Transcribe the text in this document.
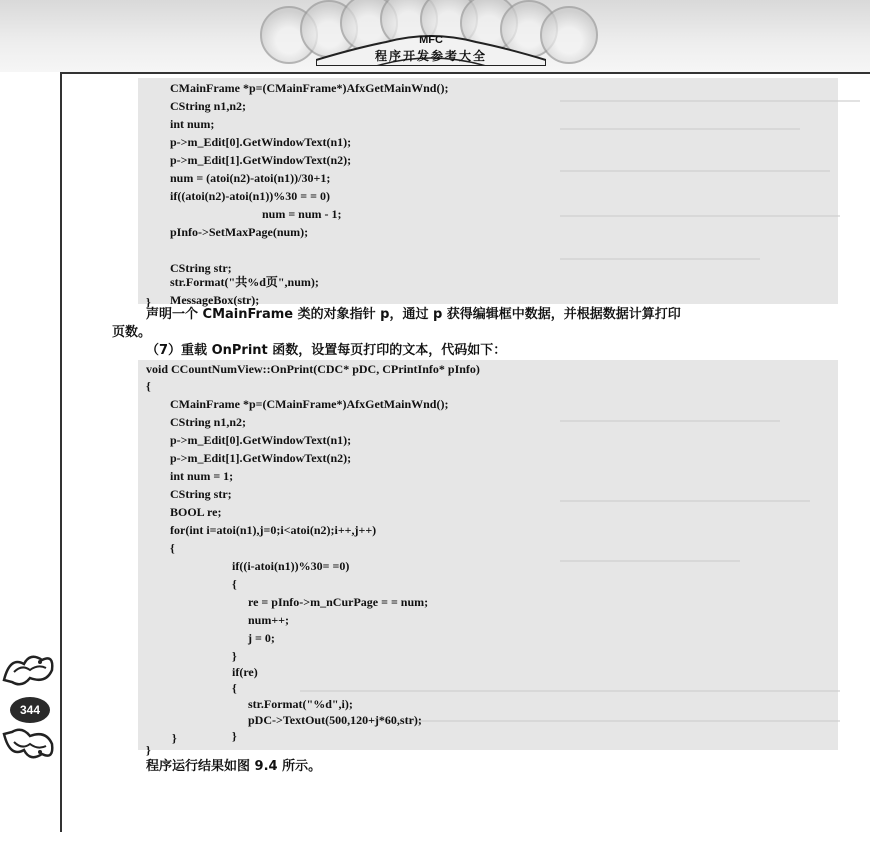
MFC
程序开发参考大全
CMainFrame *p=(CMainFrame*)AfxGetMainWnd();
CString n1,n2;
int num;
p->m_Edit[0].GetWindowText(n1);
p->m_Edit[1].GetWindowText(n2);
num = (atoi(n2)-atoi(n1))/30+1;
if((atoi(n2)-atoi(n1))%30 = = 0)
num = num - 1;
pInfo->SetMaxPage(num);
CString str;
str.Format("共%d页",num);
MessageBox(str);
}
声明一个 CMainFrame 类的对象指针 p，通过 p 获得编辑框中数据，并根据数据计算打印
页数。
（7）重载 OnPrint 函数，设置每页打印的文本，代码如下：
void CCountNumView::OnPrint(CDC* pDC, CPrintInfo* pInfo)
{
CMainFrame *p=(CMainFrame*)AfxGetMainWnd();
CString n1,n2;
p->m_Edit[0].GetWindowText(n1);
p->m_Edit[1].GetWindowText(n2);
int num = 1;
CString str;
BOOL re;
for(int i=atoi(n1),j=0;i<atoi(n2);i++,j++)
{
if((i-atoi(n1))%30= =0)
{
re = pInfo->m_nCurPage = = num;
num++;
j = 0;
}
if(re)
{
str.Format("%d",i);
pDC->TextOut(500,120+j*60,str);
}
}
}
程序运行结果如图 9.4 所示。
344
